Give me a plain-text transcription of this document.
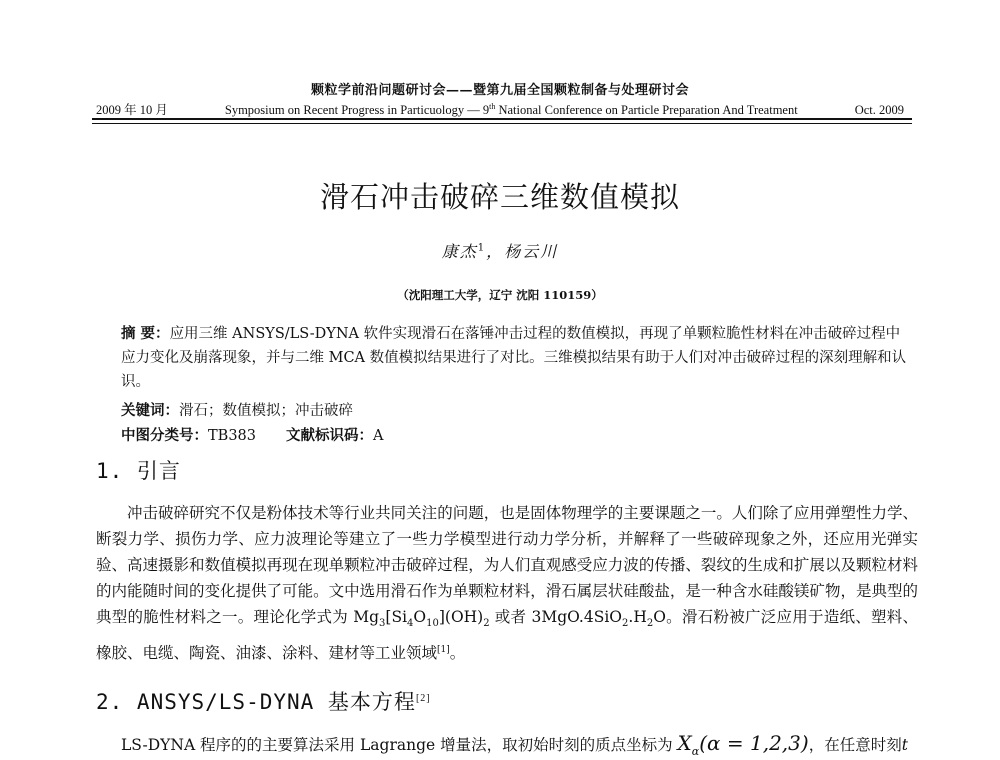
颗粒学前沿问题研讨会——暨第九届全国颗粒制备与处理研讨会
2009 年 10 月	Symposium on Recent Progress in Particuology — 9th National Conference on Particle Preparation And Treatment	Oct. 2009
滑石冲击破碎三维数值模拟
康杰$^1$，杨云川
（沈阳理工大学，辽宁 沈阳 110159）

摘 要：应用三维 ANSYS/LS-DYNA 软件实现滑石在落锤冲击过程的数值模拟，再现了单颗粒脆性材料在冲击破碎过程中应力变化及崩落现象，并与二维 MCA 数值模拟结果进行了对比。三维模拟结果有助于人们对冲击破碎过程的深刻理解和认识。

关键词：滑石；数值模拟；冲击破碎
中图分类号：TB383 文献标识码：A
1. 引言

冲击破碎研究不仅是粉体技术等行业共同关注的问题，也是固体物理学的主要课题之一。人们除了应用弹塑性力学、断裂力学、损伤力学、应力波理论等建立了一些力学模型进行动力学分析，并解释了一些破碎现象之外，还应用光弹实验、高速摄影和数值模拟再现在现单颗粒冲击破碎过程，为人们直观感受应力波的传播、裂纹的生成和扩展以及颗粒材料的内能随时间的变化提供了可能。文中选用滑石作为单颗粒材料，滑石属层状硅酸盐，是一种含水硅酸镁矿物，是典型的典型的脆性材料之一。理论化学式为 $Mg_3[Si_4O_{10}](OH)_2$ 或者 $3MgO.4SiO_2.H_2O$。滑石粉被广泛应用于造纸、塑料、橡胶、电缆、陶瓷、油漆、涂料、建材等工业领域[1]。

2. ANSYS/LS-DYNA 基本方程[2]

LS-DYNA 程序的的主要算法采用 Lagrange 增量法，取初始时刻的质点坐标为 $X_\alpha(\alpha = 1,2,3)$，在任意时刻t
